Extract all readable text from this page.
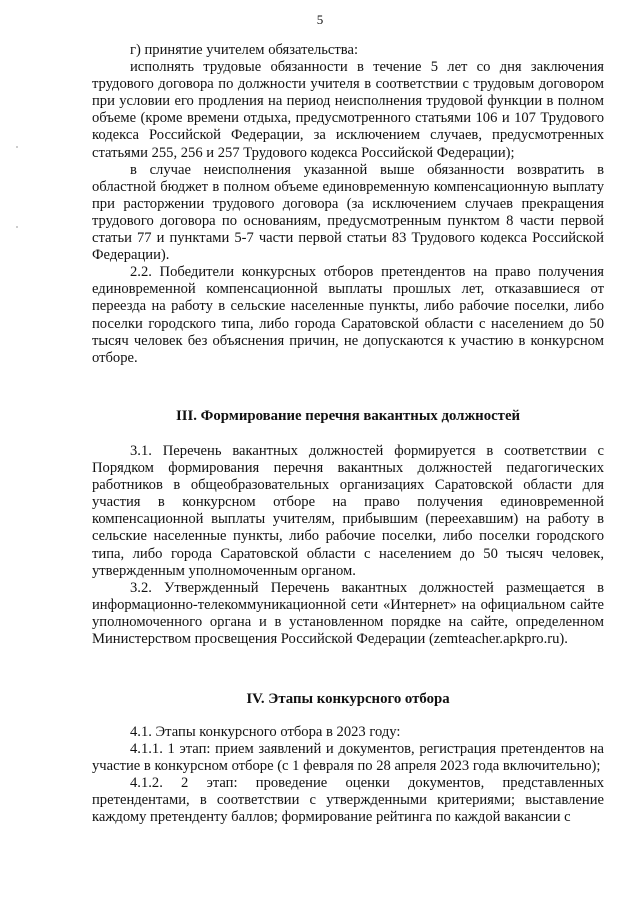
5

г) принятие учителем обязательства:

исполнять трудовые обязанности в течение 5 лет со дня заключения трудового договора по должности учителя в соответствии с трудовым договором при условии его продления на период неисполнения трудовой функции в полном объеме (кроме времени отдыха, предусмотренного статьями 106 и 107 Трудового кодекса Российской Федерации, за исключением случаев, предусмотренных статьями 255, 256 и 257 Трудового кодекса Российской Федерации);

в случае неисполнения указанной выше обязанности возвратить в областной бюджет в полном объеме единовременную компенсационную выплату при расторжении трудового договора (за исключением случаев прекращения трудового договора по основаниям, предусмотренным пунктом 8 части первой статьи 77 и пунктами 5-7 части первой статьи 83 Трудового кодекса Российской Федерации).

2.2. Победители конкурсных отборов претендентов на право получения единовременной компенсационной выплаты прошлых лет, отказавшиеся от переезда на работу в сельские населенные пункты, либо рабочие поселки, либо поселки городского типа, либо города Саратовской области с населением до 50 тысяч человек без объяснения причин, не допускаются к участию в конкурсном отборе.

III. Формирование перечня вакантных должностей

3.1. Перечень вакантных должностей формируется в соответствии с Порядком формирования перечня вакантных должностей педагогических работников в общеобразовательных организациях Саратовской области для участия в конкурсном отборе на право получения единовременной компенсационной выплаты учителям, прибывшим (переехавшим) на работу в сельские населенные пункты, либо рабочие поселки, либо поселки городского типа, либо города Саратовской области с населением до 50 тысяч человек, утвержденным уполномоченным органом.

3.2. Утвержденный Перечень вакантных должностей размещается в информационно-телекоммуникационной сети «Интернет» на официальном сайте уполномоченного органа и в установленном порядке на сайте, определенном Министерством просвещения Российской Федерации (zemteacher.apkpro.ru).

IV. Этапы конкурсного отбора

4.1. Этапы конкурсного отбора в 2023 году:

4.1.1. 1 этап: прием заявлений и документов, регистрация претендентов на участие в конкурсном отборе (с 1 февраля по 28 апреля 2023 года включительно);

4.1.2. 2 этап: проведение оценки документов, представленных претендентами, в соответствии с утвержденными критериями; выставление каждому претенденту баллов; формирование рейтинга по каждой вакансии с
